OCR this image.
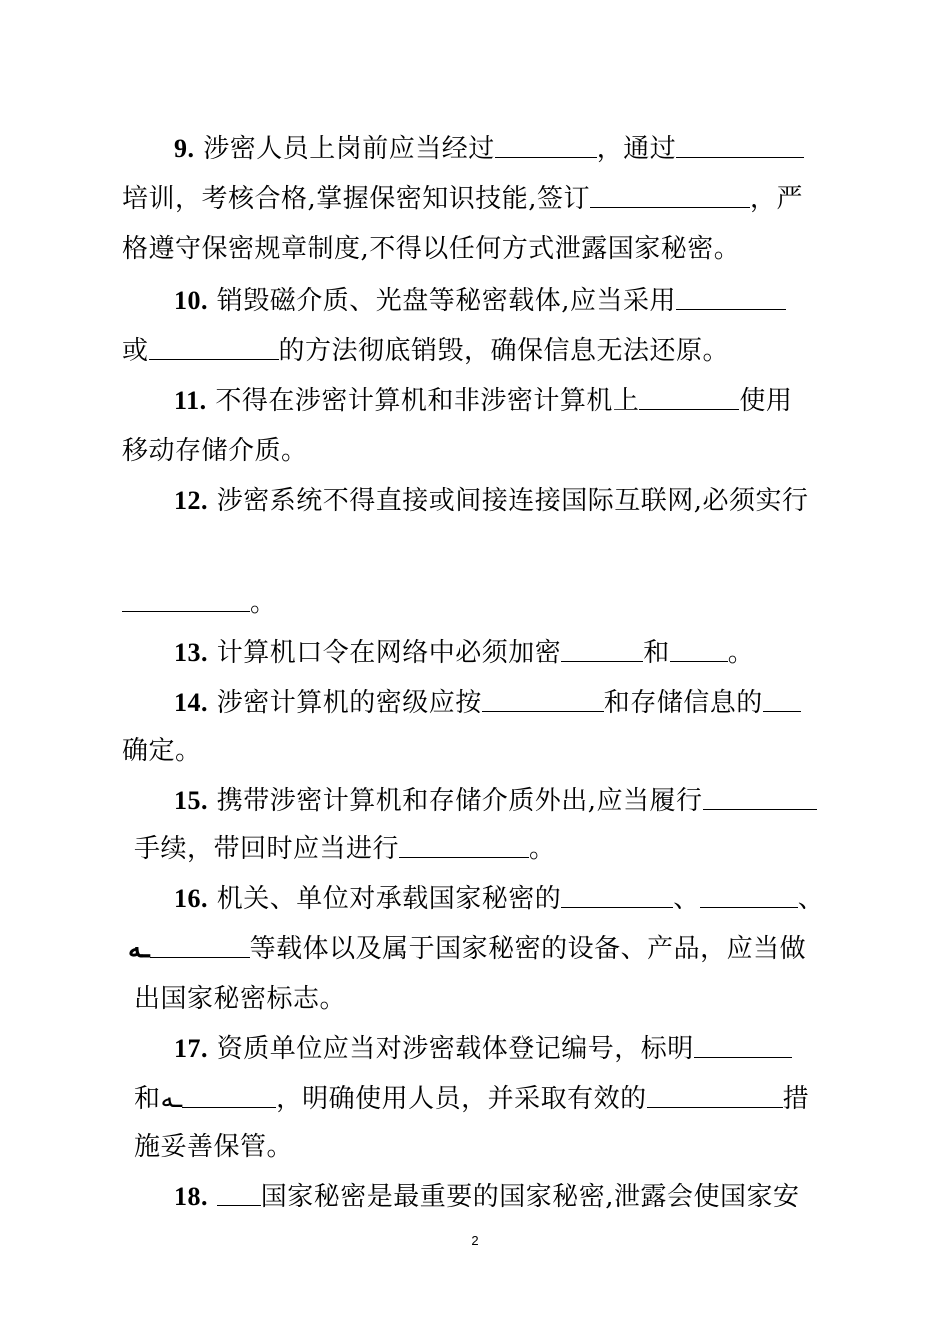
9. 涉密人员上岗前应当经过	，通过
培训，考核合格,掌握保密知识技能,签订	，严
格遵守保密规章制度,不得以任何方式泄露国家秘密。
10. 销毁磁介质、光盘等秘密载体,应当采用
或	的方法彻底销毁，确保信息无法还原。
11. 不得在涉密计算机和非涉密计算机上	使用
移动存储介质。
12. 涉密系统不得直接或间接连接国际互联网,必须实行
。
13. 计算机口令在网络中必须加密	和 。
14. 涉密计算机的密级应按	和存储信息的
确定。
15. 携带涉密计算机和存储介质外出,应当履行
手续，带回时应当进行	。
16. 机关、单位对承载国家秘密的	、	、
ـه	等载体以及属于国家秘密的设备、产品，应当做
出国家秘密标志。
17. 资质单位应当对涉密载体登记编号，标明
和ـه	，明确使用人员，并采取有效的	措
施妥善保管。
18. 国家秘密是最重要的国家秘密,泄露会使国家安
2
